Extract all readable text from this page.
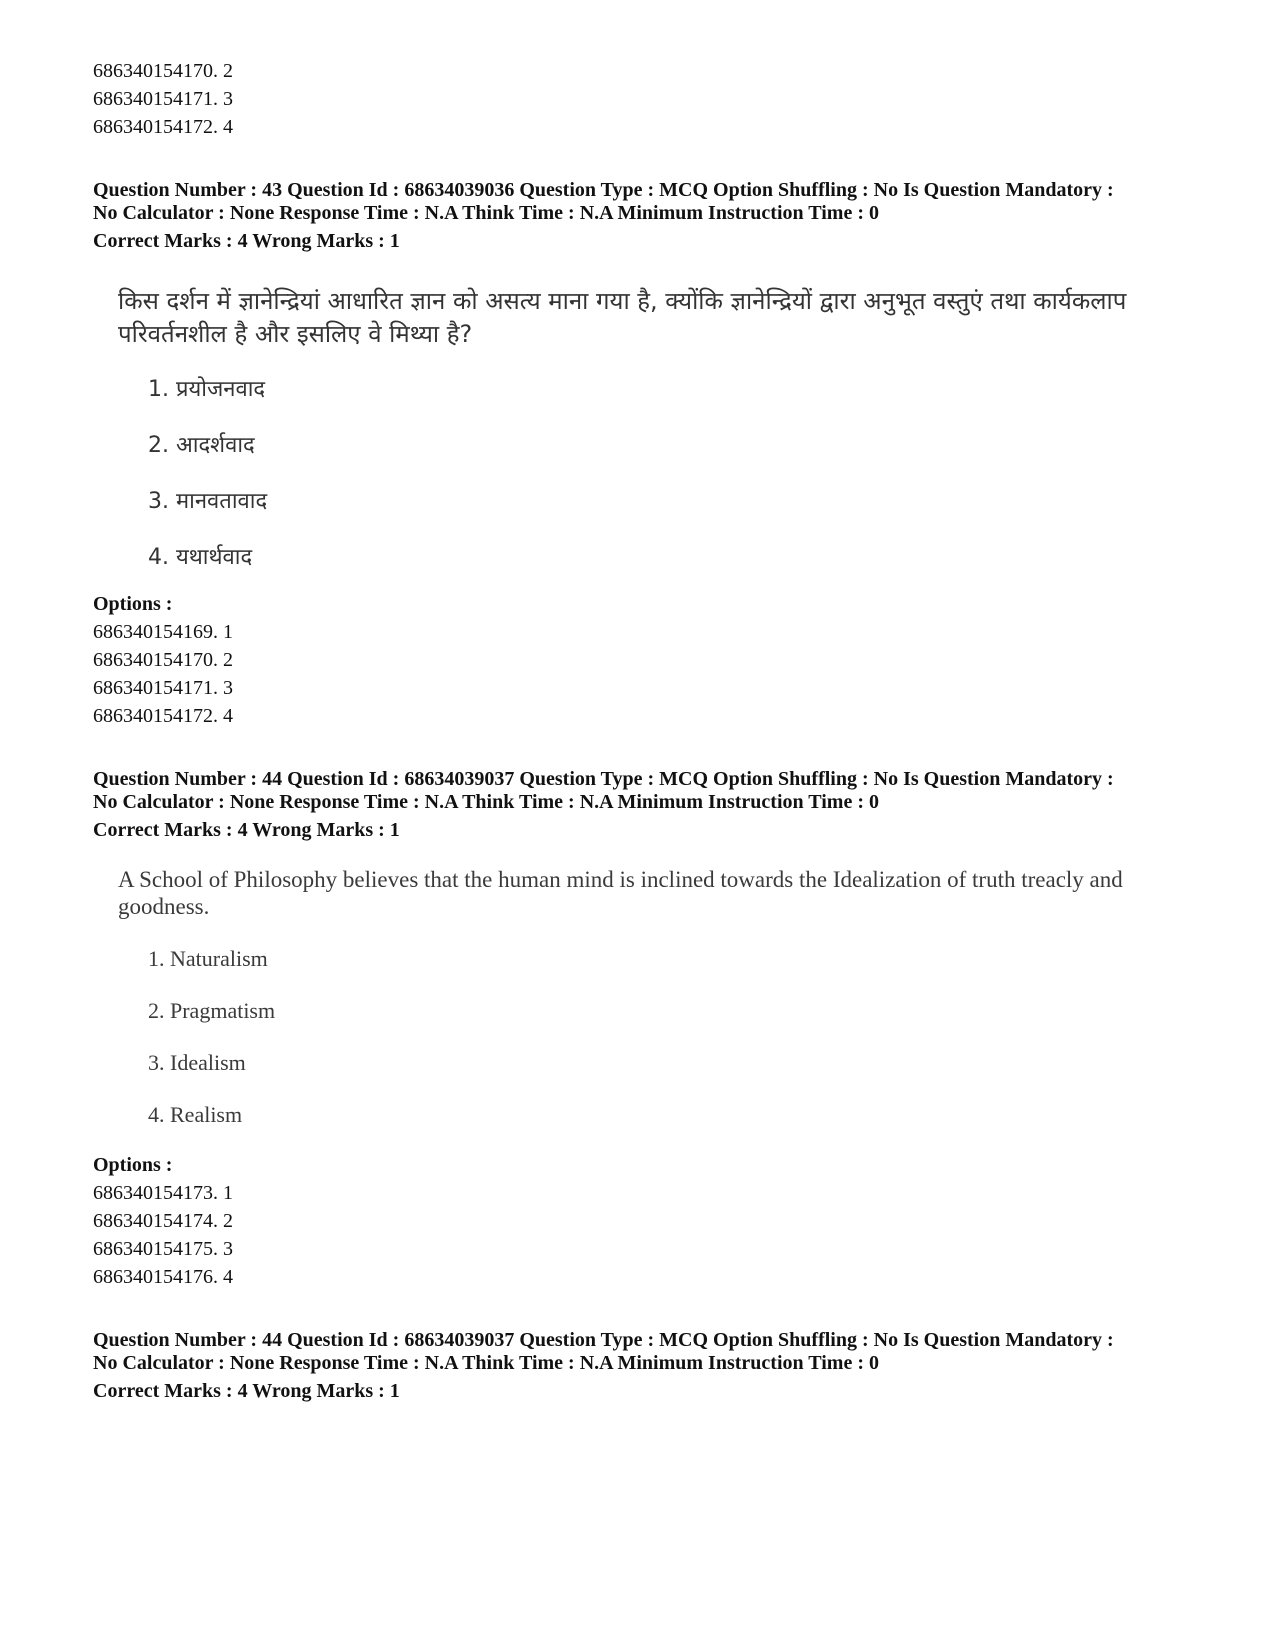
686340154170. 2
686340154171. 3
686340154172. 4
Question Number : 43 Question Id : 68634039036 Question Type : MCQ Option Shuffling : No Is Question Mandatory :
No Calculator : None Response Time : N.A Think Time : N.A Minimum Instruction Time : 0
Correct Marks : 4 Wrong Marks : 1
किस दर्शन में ज्ञानेन्द्रियां आधारित ज्ञान को असत्य माना गया है, क्योंकि ज्ञानेन्द्रियों द्वारा अनुभूत वस्तुएं तथा कार्यकलाप
परिवर्तनशील है और इसलिए वे मिथ्या है?
1. प्रयोजनवाद
2. आदर्शवाद
3. मानवतावाद
4. यथार्थवाद
Options :
686340154169. 1
686340154170. 2
686340154171. 3
686340154172. 4
Question Number : 44 Question Id : 68634039037 Question Type : MCQ Option Shuffling : No Is Question Mandatory :
No Calculator : None Response Time : N.A Think Time : N.A Minimum Instruction Time : 0
Correct Marks : 4 Wrong Marks : 1
A School of Philosophy believes that the human mind is inclined towards the Idealization of truth treacly and
goodness.
1. Naturalism
2. Pragmatism
3. Idealism
4. Realism
Options :
686340154173. 1
686340154174. 2
686340154175. 3
686340154176. 4
Question Number : 44 Question Id : 68634039037 Question Type : MCQ Option Shuffling : No Is Question Mandatory :
No Calculator : None Response Time : N.A Think Time : N.A Minimum Instruction Time : 0
Correct Marks : 4 Wrong Marks : 1
